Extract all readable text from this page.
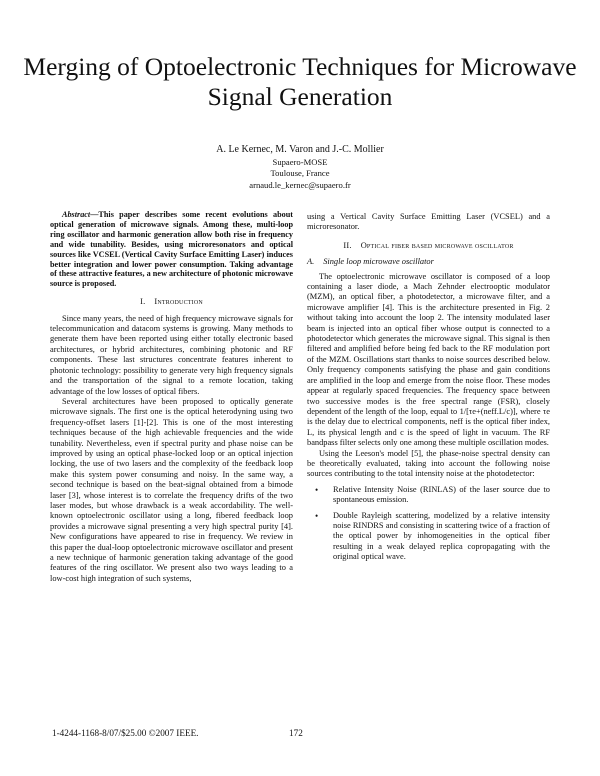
Merging of Optoelectronic Techniques for Microwave Signal Generation
A. Le Kernec, M. Varon and J.-C. Mollier
Supaero-MOSE
Toulouse, France
arnaud.le_kernec@supaero.fr

Abstract—This paper describes some recent evolutions about optical generation of microwave signals. Among these, multi-loop ring oscillator and harmonic generation allow both rise in frequency and wide tunability. Besides, using microresonators and optical sources like VCSEL (Vertical Cavity Surface Emitting Laser) induces better integration and lower power consumption. Taking advantage of these attractive features, a new architecture of photonic microwave source is proposed.

I. Introduction

Since many years, the need of high frequency microwave signals for telecommunication and datacom systems is growing. Many methods to generate them have been reported using either totally electronic based architectures, or hybrid architectures, combining photonic and RF components. These last structures concentrate features inherent to photonic technology: possibility to generate very high frequency signals and the transportation of the signal to a remote location, taking advantage of the low losses of optical fibers.

Several architectures have been proposed to optically generate microwave signals. The first one is the optical heterodyning using two frequency-offset lasers [1]-[2]. This is one of the most interesting techniques because of the high achievable frequencies and the wide tunability. Nevertheless, even if spectral purity and phase noise can be improved by using an optical phase-locked loop or an optical injection locking, the use of two lasers and the complexity of the feedback loop make this system power consuming and noisy. In the same way, a second technique is based on the beat-signal obtained from a bimode laser [3], whose interest is to correlate the frequency drifts of the two laser modes, but whose drawback is a weak accordability. The well-known optoelectronic oscillator using a long, fibered feedback loop provides a microwave signal presenting a very high spectral purity [4]. New configurations have appeared to rise in frequency. We review in this paper the dual-loop optoelectronic microwave oscillator and present a new technique of harmonic generation taking advantage of the good features of the ring oscillator. We present also two ways leading to a low-cost high integration of such systems,

using a Vertical Cavity Surface Emitting Laser (VCSEL) and a microresonator.

II. Optical fiber based microwave oscillator
A. Single loop microwave oscillator

The optoelectronic microwave oscillator is composed of a loop containing a laser diode, a Mach Zehnder electrooptic modulator (MZM), an optical fiber, a photodetector, a microwave filter, and a microwave amplifier [4]. This is the architecture presented in Fig. 2 without taking into account the loop 2. The intensity modulated laser beam is injected into an optical fiber whose output is connected to a photodetector which generates the microwave signal. This signal is then filtered and amplified before being fed back to the RF modulation port of the MZM. Oscillations start thanks to noise sources described below. Only frequency components satisfying the phase and gain conditions are amplified in the loop and emerge from the noise floor. These modes appear at regularly spaced frequencies. The frequency space between two successive modes is the free spectral range (FSR), closely dependent of the length of the loop, equal to 1/[τe+(neff.L/c)], where τe is the delay due to electrical components, neff is the optical fiber index, L, its physical length and c is the speed of light in vacuum. The RF bandpass filter selects only one among these multiple oscillation modes.

Using the Leeson's model [5], the phase-noise spectral density can be theoretically evaluated, taking into account the following noise sources contributing to the total intensity noise at the photodetector:

• Relative Intensity Noise (RINLAS) of the laser source due to spontaneous emission.
• Double Rayleigh scattering, modelized by a relative intensity noise RINDRS and consisting in scattering twice of a fraction of the optical power by inhomogeneities in the optical fiber resulting in a weak delayed replica copropagating with the original optical wave.
1-4244-1168-8/07/$25.00 ©2007 IEEE.	172
